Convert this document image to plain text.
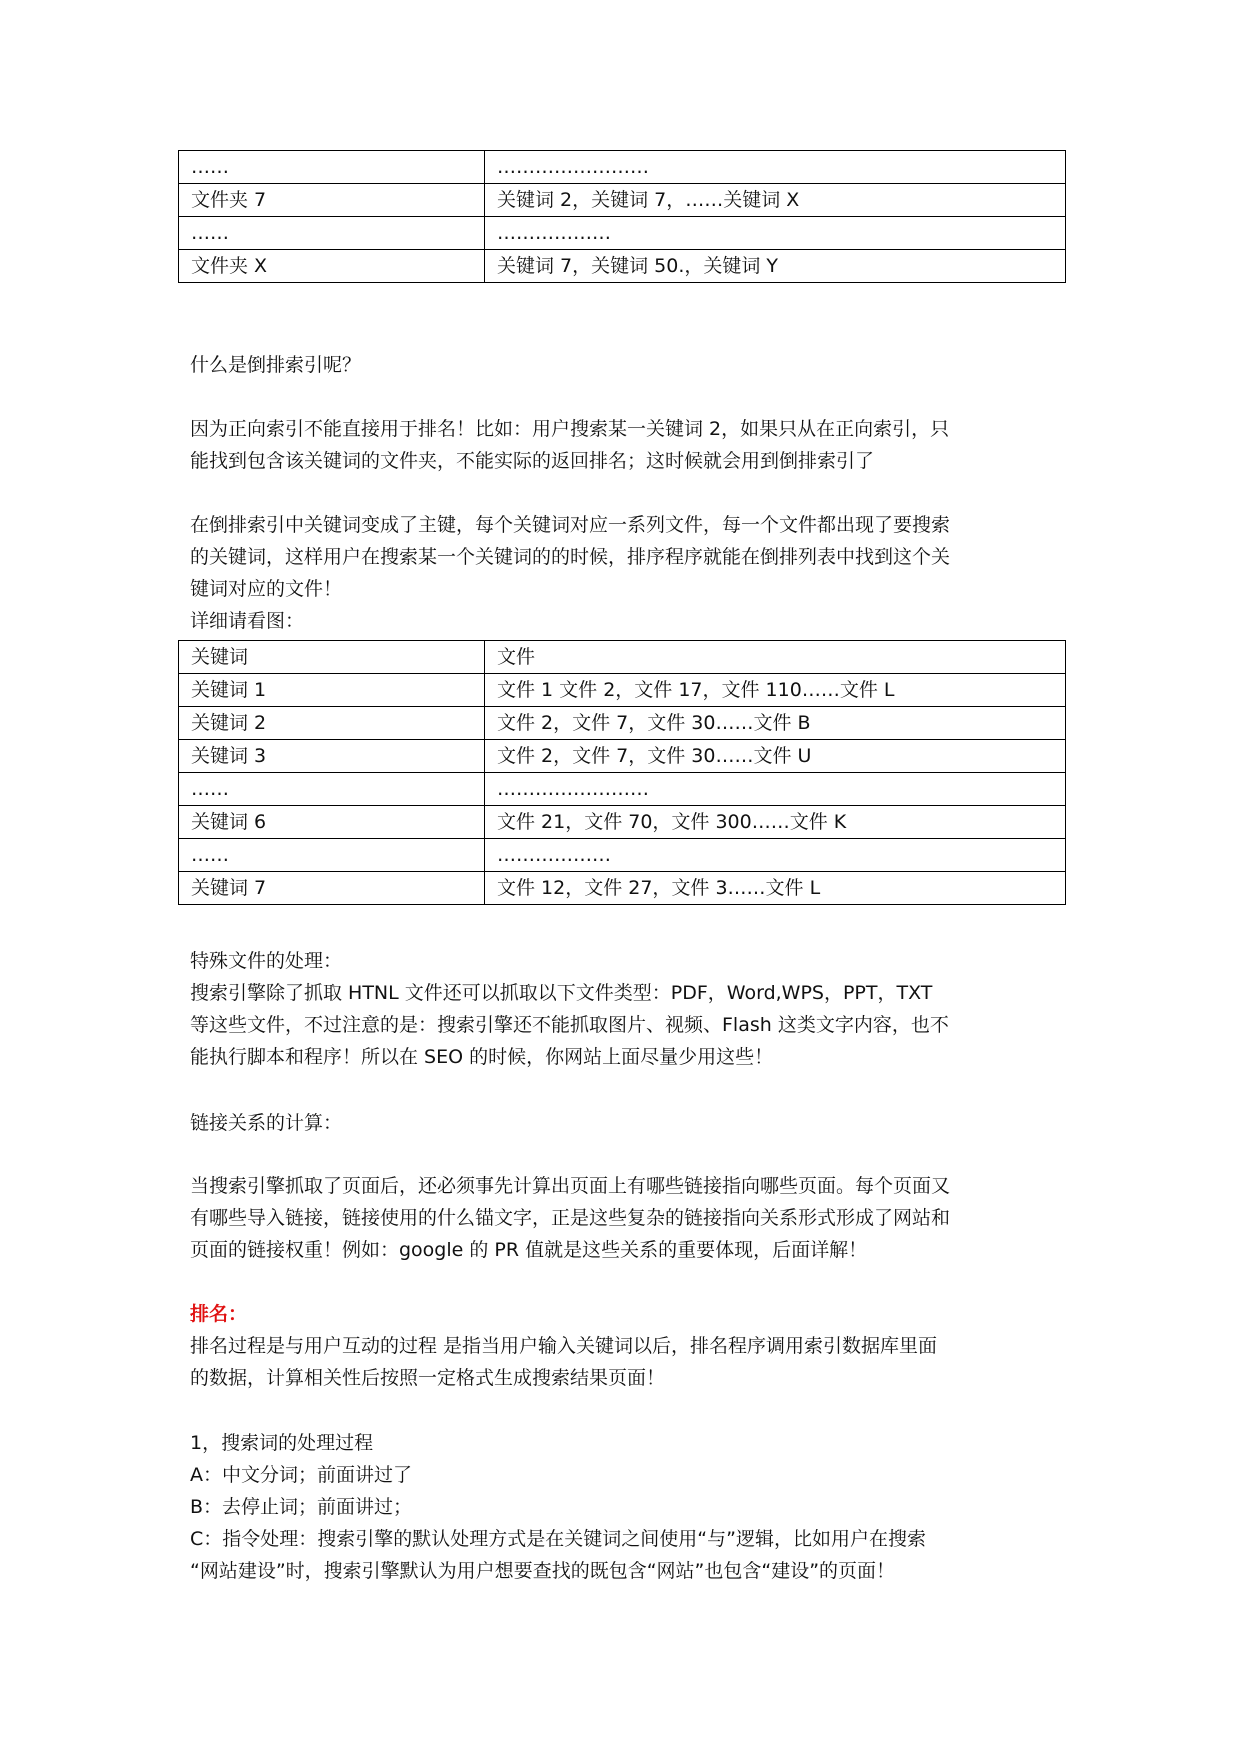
……	……………………
文件夹 7	关键词 2，关键词 7，……关键词 X
……	………………
文件夹 X	关键词 7，关键词 50.，关键词 Y

什么是倒排索引呢？

因为正向索引不能直接用于排名！比如：用户搜索某一关键词 2，如果只从在正向索引，只

能找到包含该关键词的文件夹，不能实际的返回排名；这时候就会用到倒排索引了

在倒排索引中关键词变成了主键，每个关键词对应一系列文件，每一个文件都出现了要搜索

的关键词，这样用户在搜索某一个关键词的的时候，排序程序就能在倒排列表中找到这个关

键词对应的文件！

详细请看图：

关键词	文件
关键词 1	文件 1 文件 2，文件 17，文件 110……文件 L
关键词 2	文件 2，文件 7，文件 30……文件 B
关键词 3	文件 2，文件 7，文件 30……文件 U
……	……………………
关键词 6	文件 21，文件 70，文件 300……文件 K
……	………………
关键词 7	文件 12，文件 27，文件 3……文件 L

特殊文件的处理：

搜索引擎除了抓取 HTNL 文件还可以抓取以下文件类型：PDF，Word,WPS，PPT，TXT

等这些文件，不过注意的是：搜索引擎还不能抓取图片、视频、Flash 这类文字内容，也不

能执行脚本和程序！所以在 SEO 的时候，你网站上面尽量少用这些！

链接关系的计算：

当搜索引擎抓取了页面后，还必须事先计算出页面上有哪些链接指向哪些页面。每个页面又

有哪些导入链接，链接使用的什么锚文字，正是这些复杂的链接指向关系形式形成了网站和

页面的链接权重！例如：google 的 PR 值就是这些关系的重要体现，后面详解！

排名：

排名过程是与用户互动的过程 是指当用户输入关键词以后，排名程序调用索引数据库里面

的数据，计算相关性后按照一定格式生成搜索结果页面！

1，搜索词的处理过程

A：中文分词；前面讲过了

B：去停止词；前面讲过；

C：指令处理：搜索引擎的默认处理方式是在关键词之间使用“与”逻辑，比如用户在搜索

“网站建设”时，搜索引擎默认为用户想要查找的既包含“网站”也包含“建设”的页面！
